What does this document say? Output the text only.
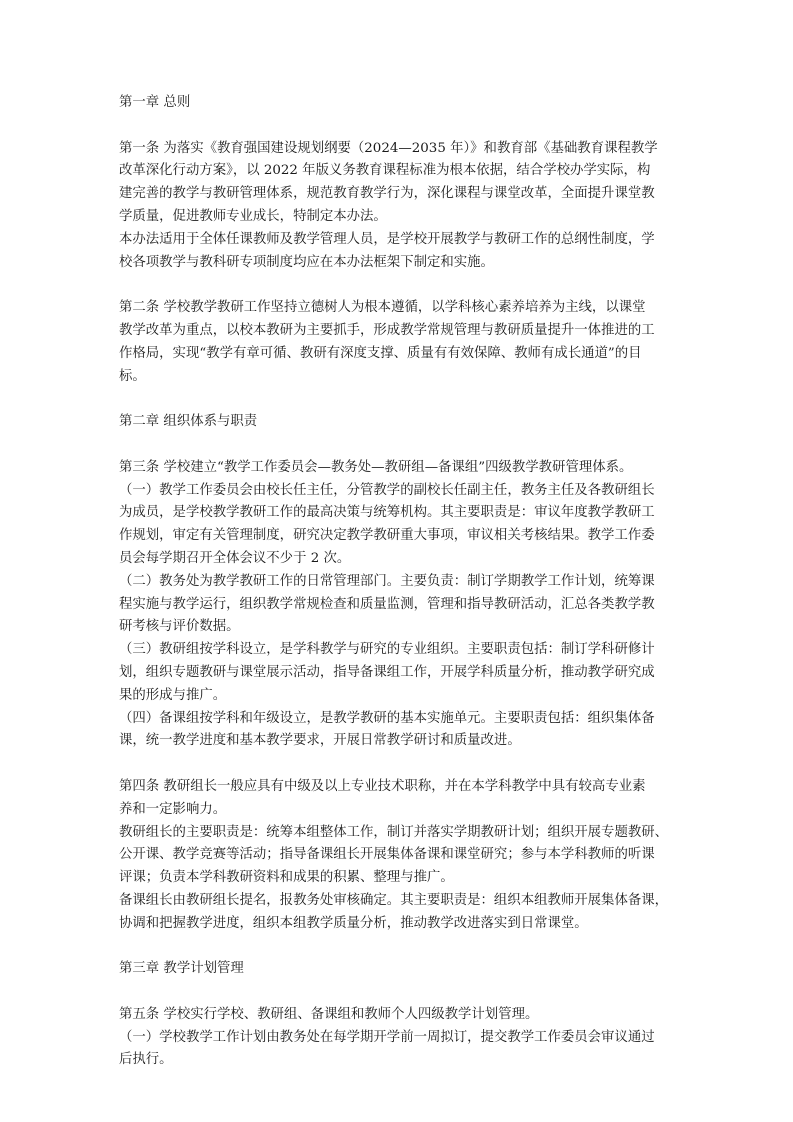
第一章 总则
第一条 为落实《教育强国建设规划纲要（2024—2035 年）》和教育部《基础教育课程教学
改革深化行动方案》，以 2022 年版义务教育课程标准为根本依据，结合学校办学实际，构
建完善的教学与教研管理体系，规范教育教学行为，深化课程与课堂改革，全面提升课堂教
学质量，促进教师专业成长，特制定本办法。
本办法适用于全体任课教师及教学管理人员，是学校开展教学与教研工作的总纲性制度，学
校各项教学与教科研专项制度均应在本办法框架下制定和实施。
第二条 学校教学教研工作坚持立德树人为根本遵循，以学科核心素养培养为主线，以课堂
教学改革为重点，以校本教研为主要抓手，形成教学常规管理与教研质量提升一体推进的工
作格局，实现“教学有章可循、教研有深度支撑、质量有有效保障、教师有成长通道”的目
标。
第二章 组织体系与职责
第三条 学校建立“教学工作委员会—教务处—教研组—备课组”四级教学教研管理体系。
（一）教学工作委员会由校长任主任，分管教学的副校长任副主任，教务主任及各教研组长
为成员，是学校教学教研工作的最高决策与统筹机构。其主要职责是：审议年度教学教研工
作规划，审定有关管理制度，研究决定教学教研重大事项，审议相关考核结果。教学工作委
员会每学期召开全体会议不少于 2 次。
（二）教务处为教学教研工作的日常管理部门。主要负责：制订学期教学工作计划，统筹课
程实施与教学运行，组织教学常规检查和质量监测，管理和指导教研活动，汇总各类教学教
研考核与评价数据。
（三）教研组按学科设立，是学科教学与研究的专业组织。主要职责包括：制订学科研修计
划，组织专题教研与课堂展示活动，指导备课组工作，开展学科质量分析，推动教学研究成
果的形成与推广。
（四）备课组按学科和年级设立，是教学教研的基本实施单元。主要职责包括：组织集体备
课，统一教学进度和基本教学要求，开展日常教学研讨和质量改进。
第四条 教研组长一般应具有中级及以上专业技术职称，并在本学科教学中具有较高专业素
养和一定影响力。
教研组长的主要职责是：统筹本组整体工作，制订并落实学期教研计划；组织开展专题教研、
公开课、教学竞赛等活动；指导备课组长开展集体备课和课堂研究；参与本学科教师的听课
评课；负责本学科教研资料和成果的积累、整理与推广。
备课组长由教研组长提名，报教务处审核确定。其主要职责是：组织本组教师开展集体备课，
协调和把握教学进度，组织本组教学质量分析，推动教学改进落实到日常课堂。
第三章 教学计划管理
第五条 学校实行学校、教研组、备课组和教师个人四级教学计划管理。
（一）学校教学工作计划由教务处在每学期开学前一周拟订，提交教学工作委员会审议通过
后执行。
